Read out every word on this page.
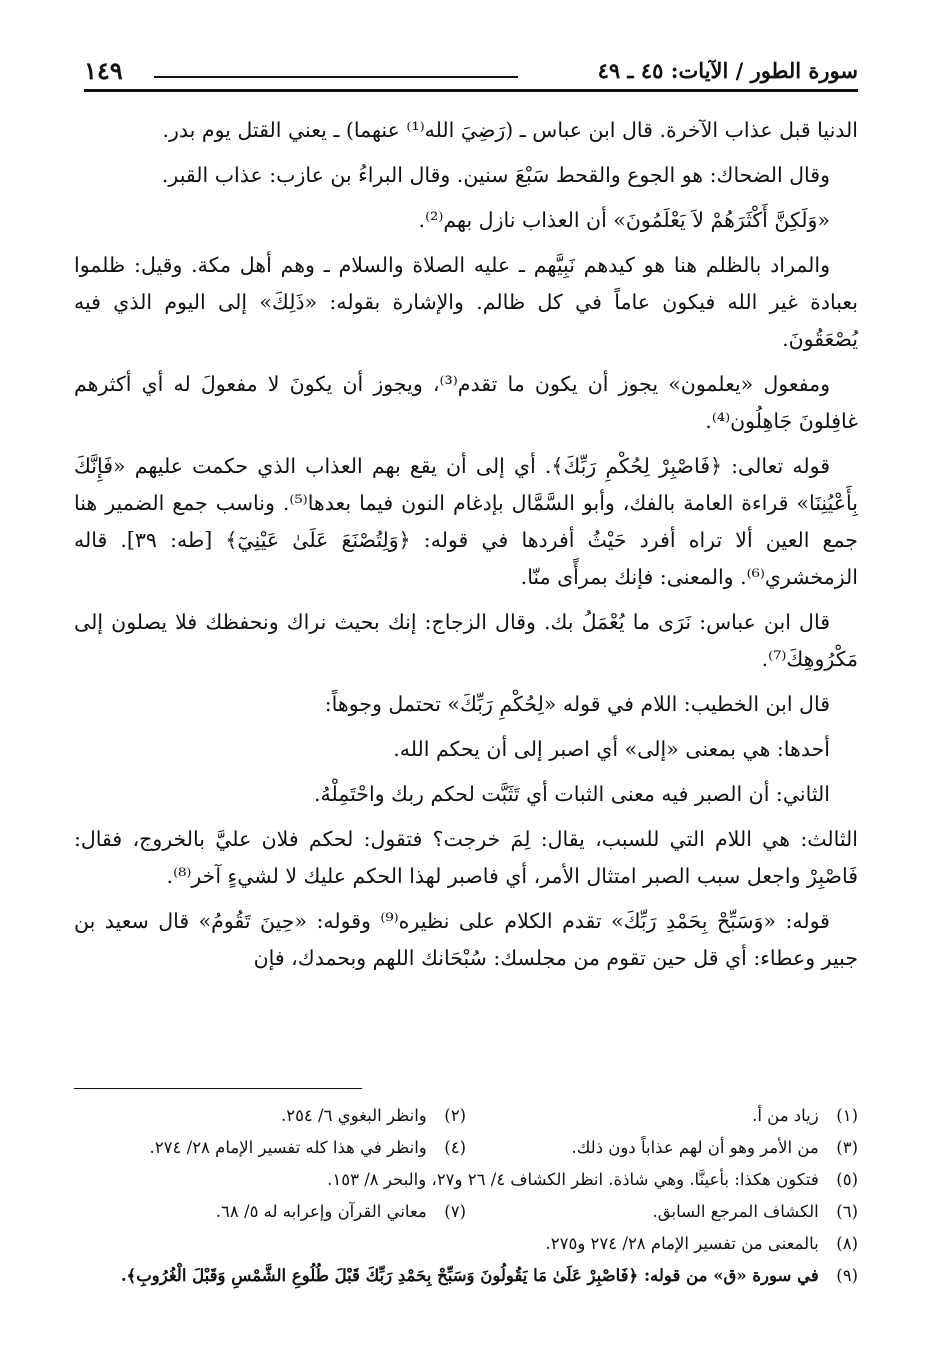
سورة الطور / الآيات: ٤٥ ـ ٤٩
١٤٩

الدنيا قبل عذاب الآخرة. قال ابن عباس ـ (رَضِيَ الله⁽¹⁾ عنهما) ـ يعني القتل يوم بدر.

وقال الضحاك: هو الجوع والقحط سَبْعَ سنين. وقال البراءُ بن عازب: عذاب القبر.

«وَلَكِنَّ أَكْثَرَهُمْ لاَ يَعْلَمُونَ» أن العذاب نازل بهم⁽²⁾.

والمراد بالظلم هنا هو كيدهم نَبِيَّهم ـ عليه الصلاة والسلام ـ وهم أهل مكة. وقيل: ظلموا بعبادة غير الله فيكون عاماً في كل ظالم. والإشارة بقوله: «ذَلِكَ» إلى اليوم الذي فيه يُصْعَقُونَ.

ومفعول «يعلمون» يجوز أن يكون ما تقدم⁽³⁾، ويجوز أن يكونَ لا مفعولَ له أي أكثرهم غافِلونَ جَاهِلُون⁽⁴⁾.

قوله تعالى: ﴿فَاصْبِرْ لِحُكْمِ رَبِّكَ﴾. أي إلى أن يقع بهم العذاب الذي حكمت عليهم «فَإِنَّكَ بِأَعْيُنِنَا» قراءة العامة بالفك، وأبو السَّمَّال بإدغام النون فيما بعدها⁽⁵⁾. وناسب جمع الضمير هنا جمع العين ألا تراه أفرد حَيْثُ أفردها في قوله: ﴿وَلِتُصْنَعَ عَلَىٰ عَيْنِيٓ﴾ [طه: ٣٩]. قاله الزمخشري⁽⁶⁾. والمعنى: فإنك بمرأًى منّا.

قال ابن عباس: نَرَى ما يُعْمَلُ بك. وقال الزجاج: إنك بحيث نراك ونحفظك فلا يصلون إلى مَكْرُوهِكَ⁽⁷⁾.

قال ابن الخطيب: اللام في قوله «لِحُكْمِ رَبِّكَ» تحتمل وجوهاً:

أحدها: هي بمعنى «إلى» أي اصبر إلى أن يحكم الله.

الثاني: أن الصبر فيه معنى الثبات أي تَثَبَّت لحكم ربك واحْتَمِلْهُ.

الثالث: هي اللام التي للسبب، يقال: لِمَ خرجت؟ فتقول: لحكم فلان عليَّ بالخروج، فقال: فَاصْبِرْ واجعل سبب الصبر امتثال الأمر، أي فاصبر لهذا الحكم عليك لا لشيءٍ آخر⁽⁸⁾.

قوله: «وَسَبِّحْ بِحَمْدِ رَبِّكَ» تقدم الكلام على نظيره⁽⁹⁾ وقوله: «حِينَ تَقُومُ» قال سعيد بن جبير وعطاء: أي قل حين تقوم من مجلسك: سُبْحَانك اللهم وبحمدك، فإن

(١) زياد من أ.
(٢) وانظر البغوي ٦/ ٢٥٤.
(٣) من الأمر وهو أن لهم عذاباً دون ذلك.
(٤) وانظر في هذا كله تفسير الإمام ٢٨/ ٢٧٤.
(٥) فتكون هكذا: بأعينَّا. وهي شاذة. انظر الكشاف ٤/ ٢٦ و٢٧، والبحر ٨/ ١٥٣.
(٦) الكشاف المرجع السابق.
(٧) معاني القرآن وإعرابه له ٥/ ٦٨.
(٨) بالمعنى من تفسير الإمام ٢٨/ ٢٧٤ و٢٧٥.
(٩) في سورة «ق» من قوله: ﴿فَاصْبِرْ عَلَىٰ مَا يَقُولُونَ وَسَبِّحْ بِحَمْدِ رَبِّكَ قَبْلَ طُلُوعِ الشَّمْسِ وَقَبْلَ الْغُرُوبِ﴾.
